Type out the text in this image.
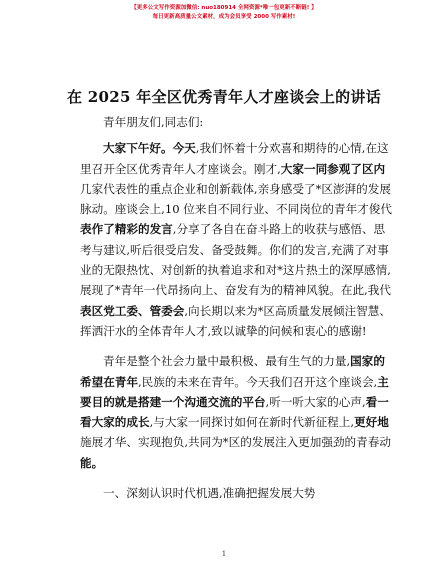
【更多公文写作资源加微信: nuo180914 全网资源*唯一包更新不断链! 】
每日更新高质量公文素材，成为会员享受 2000 写作素材!
在 2025 年全区优秀青年人才座谈会上的讲话
青年朋友们,同志们:
大家下午好。今天,我们怀着十分欢喜和期待的心情,在这
里召开全区优秀青年人才座谈会。刚才,大家一同参观了区内
几家代表性的重点企业和创新载体,亲身感受了*区澎湃的发展
脉动。座谈会上,10 位来自不同行业、不同岗位的青年才俊代
表作了精彩的发言,分享了各自在奋斗路上的收获与感悟、思
考与建议,听后很受启发、备受鼓舞。你们的发言,充满了对事
业的无限热忱、对创新的执着追求和对*这片热土的深厚感情,
展现了*青年一代昂扬向上、奋发有为的精神风貌。在此,我代
表区党工委、管委会,向长期以来为*区高质量发展倾注智慧、
挥洒汗水的全体青年人才,致以诚挚的问候和衷心的感谢!
青年是整个社会力量中最积极、最有生气的力量,国家的
希望在青年,民族的未来在青年。今天我们召开这个座谈会,主
要目的就是搭建一个沟通交流的平台,听一听大家的心声,看一
看大家的成长,与大家一同探讨如何在新时代新征程上,更好地
施展才华、实现抱负,共同为*区的发展注入更加强劲的青春动
能。
一、深刻认识时代机遇,准确把握发展大势
1
